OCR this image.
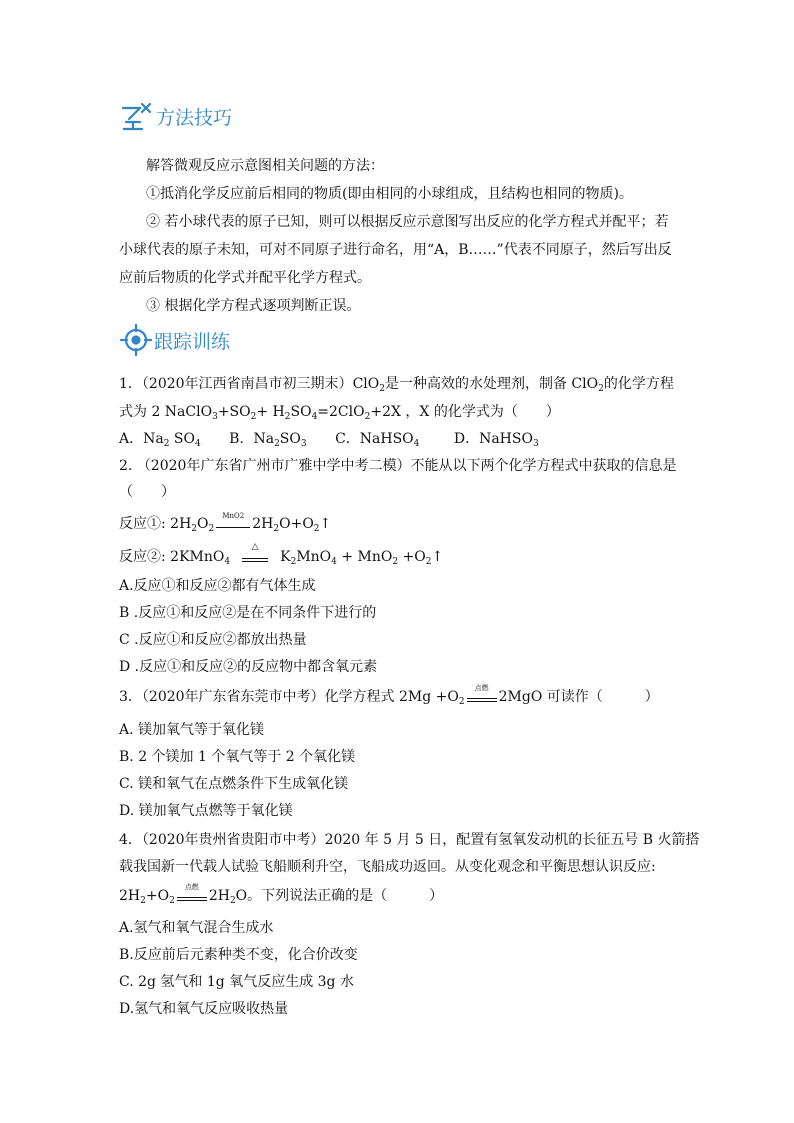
方法技巧
解答微观反应示意图相关问题的方法：
①抵消化学反应前后相同的物质(即由相同的小球组成，且结构也相同的物质)。
② 若小球代表的原子已知，则可以根据反应示意图写出反应的化学方程式并配平；若
小球代表的原子未知，可对不同原子进行命名，用“A，B……”代表不同原子，然后写出反
应前后物质的化学式并配平化学方程式。
③ 根据化学方程式逐项判断正误。
跟踪训练
1．（2020年江西省南昌市初三期末）ClO$_2$是一种高效的水处理剂，制备 ClO$_2$的化学方程
式为 2 $NaClO_3+SO_2+ H_2SO_4=2ClO_2+2X$ ，X 的化学式为（　　）
A．$Na_2$ $SO_4$ B．$Na_2SO_3$ C．NaHSO$_4$ D．NaHSO$_3$
2. （2020年广东省广州市广雅中学中考二模）不能从以下两个化学方程式中获取的信息是
（　　）
反应①: $2H_2O_2$
MnO2
$2H_2O+O_2↑$
反应②: 2KMnO$_4$
△
$K_2MnO_4 + MnO_2$ $+O_2↑$
A.反应①和反应②都有气体生成
B .反应①和反应②是在不同条件下进行的
C .反应①和反应②都放出热量
D .反应①和反应②的反应物中都含氧元素
3．（2020年广东省东莞市中考）化学方程式 $2Mg +O_2$
点燃
2MgO 可读作（　　　）
A. 镁加氧气等于氧化镁
B. 2 个镁加 1 个氧气等于 2 个氧化镁
C. 镁和氧气在点燃条件下生成氧化镁
D. 镁加氧气点燃等于氧化镁
4．（2020年贵州省贵阳市中考）2020 年 5 月 5 日，配置有氢氧发动机的长征五号 B 火箭搭
载我国新一代载人试验飞船顺利升空，飞船成功返回。从变化观念和平衡思想认识反应:
$2H_2+O_2$
点燃
$2H_2O$。下列说法正确的是（　　　）
A.氢气和氧气混合生成水
B.反应前后元素种类不变，化合价改变
C. 2g 氢气和 1g 氧气反应生成 3g 水
D.氢气和氧气反应吸收热量
